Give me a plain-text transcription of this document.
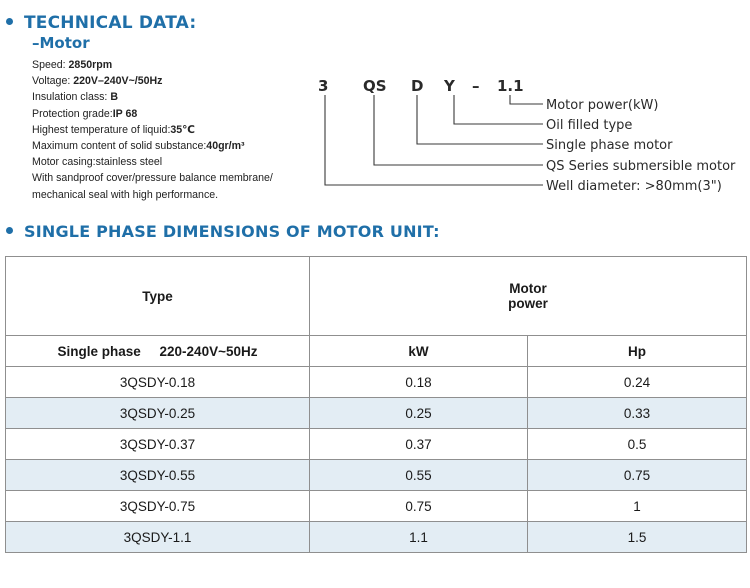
TECHNICAL DATA:
–Motor
Speed: 2850rpm
Voltage: 220V–240V~/50Hz
Insulation class: B
Protection grade:IP 68
Highest temperature of liquid:35℃
Maximum content of solid substance:40gr/m³
Motor casing:stainless steel
With sandproof cover/pressure balance membrane/
mechanical seal with high performance.
3 QS D Y – 1.1
Motor power(kW)
Oil filled type
Single phase motor
QS Series submersible motor
Well diameter: >80mm(3")
SINGLE PHASE DIMENSIONS OF MOTOR UNIT:
Type	Motor
power	

Single phase     220-240V~50Hz	kW	Hp
3QSDY-0.18	0.18	0.24
3QSDY-0.25	0.25	0.33
3QSDY-0.37	0.37	0.5
3QSDY-0.55	0.55	0.75
3QSDY-0.75	0.75	1
3QSDY-1.1	1.1	1.5
